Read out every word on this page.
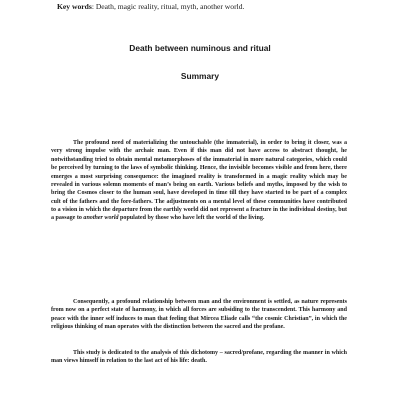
Key words: Death, magic reality, ritual, myth, another world.
Death between numinous and ritual
Summary

The profound need of materializing the untouchable (the immaterial), in order to bring it closer, was a very strong impulse with the archaic man. Even if this man did not have access to abstract thought, he notwithstanding tried to obtain mental metamorphoses of the immaterial in more natural categories, which could be perceived by turning to the laws of symbolic thinking. Hence, the invisible becomes visible and from here, there emerges a most surprising consequence: the imagined reality is transformed in a magic reality which may be revealed in various solemn moments of man’s being on earth. Various beliefs and myths, imposed by the wish to bring the Cosmos closer to the human soul, have developed in time till they have started to be part of a complex cult of the fathers and the fore-fathers. The adjustments on a mental level of these communities have contributed to a vision in which the departure from the earthly world did not represent a fracture in the individual destiny, but a passage to another world populated by those who have left the world of the living.

Consequently, a profound relationship between man and the environment is settled, as nature represents from now on a perfect state of harmony, in which all forces are subsiding to the transcendent. This harmony and peace with the inner self induces to man that feeling that Mircea Eliade calls “the cosmic Christian”, in which the religious thinking of man operates with the distinction between the sacred and the profane.

This study is dedicated to the analysis of this dichotomy – sacred/profane, regarding the manner in which man views himself in relation to the last act of his life: death.
